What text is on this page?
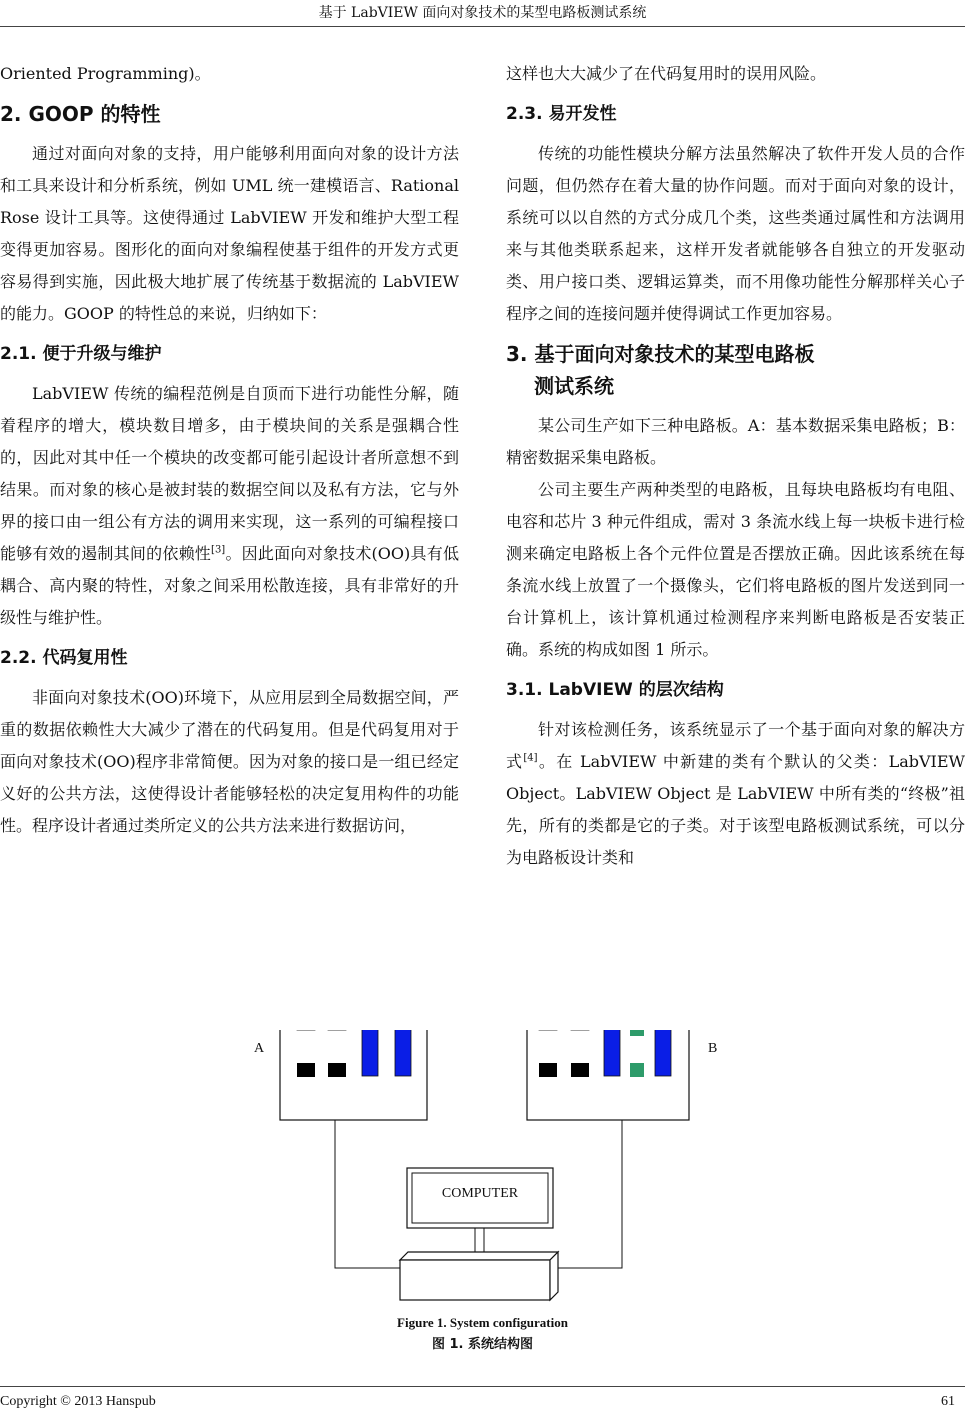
基于 LabVIEW 面向对象技术的某型电路板测试系统

Oriented Programming)。

2. GOOP 的特性

通过对面向对象的支持，用户能够利用面向对象的设计方法和工具来设计和分析系统，例如 UML 统一建模语言、Rational Rose 设计工具等。这使得通过 LabVIEW 开发和维护大型工程变得更加容易。图形化的面向对象编程使基于组件的开发方式更容易得到实施，因此极大地扩展了传统基于数据流的 LabVIEW 的能力。GOOP 的特性总的来说，归纳如下：

2.1. 便于升级与维护

LabVIEW 传统的编程范例是自顶而下进行功能性分解，随着程序的增大，模块数目增多，由于模块间的关系是强耦合性的，因此对其中任一个模块的改变都可能引起设计者所意想不到结果。而对象的核心是被封装的数据空间以及私有方法，它与外界的接口由一组公有方法的调用来实现，这一系列的可编程接口能够有效的遏制其间的依赖性[3]。因此面向对象技术(OO)具有低耦合、高内聚的特性，对象之间采用松散连接，具有非常好的升级性与维护性。

2.2. 代码复用性

非面向对象技术(OO)环境下，从应用层到全局数据空间，严重的数据依赖性大大减少了潜在的代码复用。但是代码复用对于面向对象技术(OO)程序非常简便。因为对象的接口是一组已经定义好的公共方法，这使得设计者能够轻松的决定复用构件的功能性。程序设计者通过类所定义的公共方法来进行数据访问，

这样也大大减少了在代码复用时的误用风险。

2.3. 易开发性

传统的功能性模块分解方法虽然解决了软件开发人员的合作问题，但仍然存在着大量的协作问题。而对于面向对象的设计，系统可以以自然的方式分成几个类，这些类通过属性和方法调用来与其他类联系起来，这样开发者就能够各自独立的开发驱动类、用户接口类、逻辑运算类，而不用像功能性分解那样关心子程序之间的连接问题并使得调试工作更加容易。

3. 基于面向对象技术的某型电路板
测试系统

某公司生产如下三种电路板。A：基本数据采集电路板；B：精密数据采集电路板。

公司主要生产两种类型的电路板，且每块电路板均有电阻、电容和芯片 3 种元件组成，需对 3 条流水线上每一块板卡进行检测来确定电路板上各个元件位置是否摆放正确。因此该系统在每条流水线上放置了一个摄像头，它们将电路板的图片发送到同一台计算机上，该计算机通过检测程序来判断电路板是否安装正确。系统的构成如图 1 所示。

3.1. LabVIEW 的层次结构

针对该检测任务，该系统显示了一个基于面向对象的解决方式[4]。在 LabVIEW 中新建的类有个默认的父类：LabVIEW Object。LabVIEW Object 是 LabVIEW 中所有类的“终极”祖先，所有的类都是它的子类。对于该型电路板测试系统，可以分为电路板设计类和

A	B
COMPUTER
Figure 1. System configuration
图 1. 系统结构图
Copyright © 2013 Hanspub	61
